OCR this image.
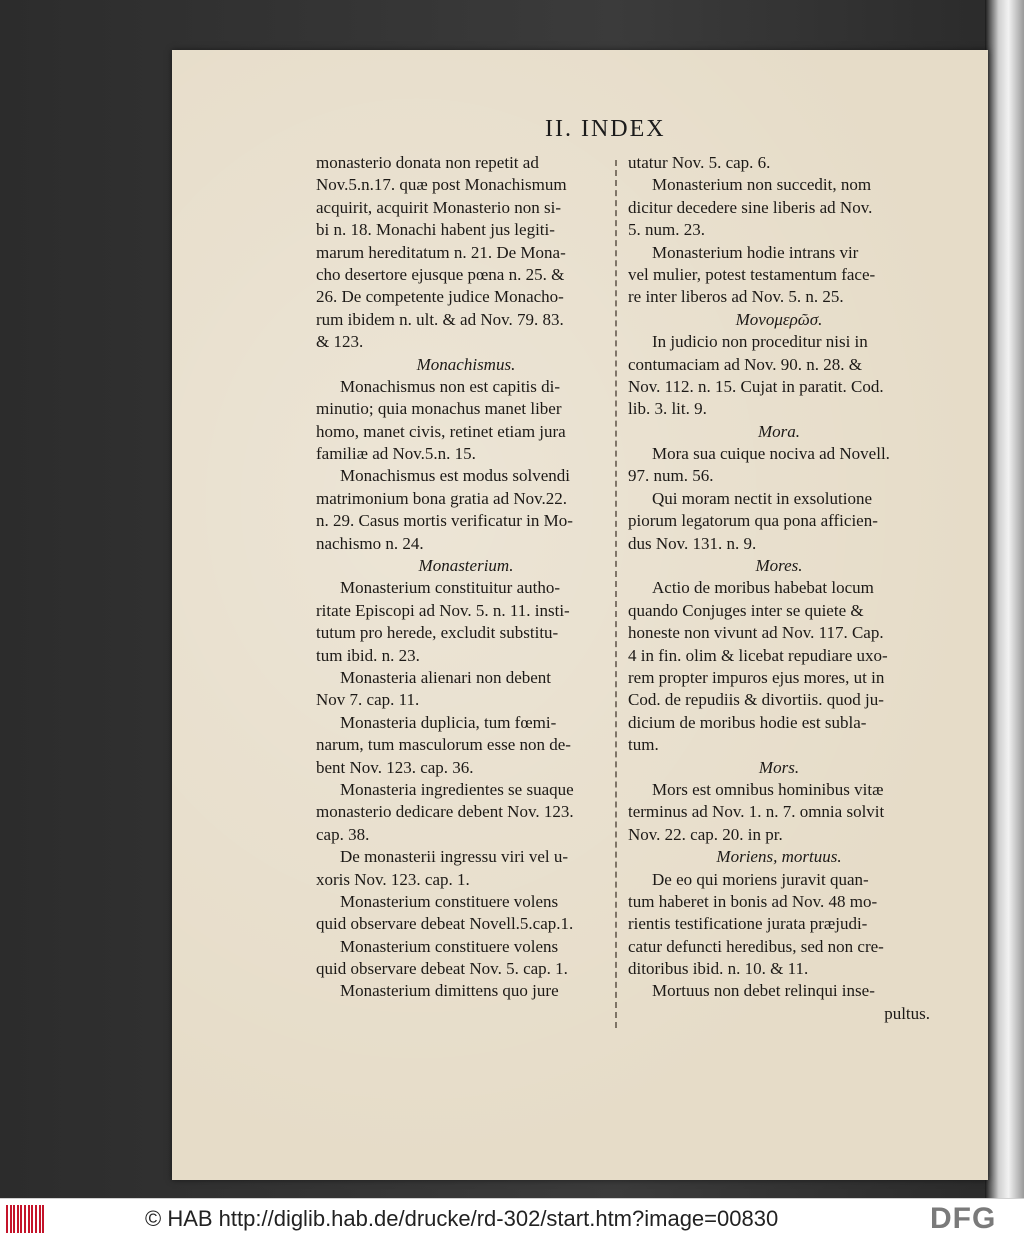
II. INDEX
monasterio donata non repetit ad
Nov.5.n.17. quæ post Monachismum
acquirit, acquirit Monasterio non si-
bi n. 18. Monachi habent jus legiti-
marum hereditatum n. 21. De Mona-
cho desertore ejusque pœna n. 25. &
26. De competente judice Monacho-
rum ibidem n. ult. & ad Nov. 79. 83.
& 123.
Monachismus.
Monachismus non est capitis di-
minutio; quia monachus manet liber
homo, manet civis, retinet etiam jura
familiæ ad Nov.5.n. 15.
Monachismus est modus solvendi
matrimonium bona gratia ad Nov.22.
n. 29. Casus mortis verificatur in Mo-
nachismo n. 24.
Monasterium.
Monasterium constituitur autho-
ritate Episcopi ad Nov. 5. n. 11. insti-
tutum pro herede, excludit substitu-
tum ibid. n. 23.
Monasteria alienari non debent
Nov 7. cap. 11.
Monasteria duplicia, tum fœmi-
narum, tum masculorum esse non de-
bent Nov. 123. cap. 36.
Monasteria ingredientes se suaque
monasterio dedicare debent Nov. 123.
cap. 38.
De monasterii ingressu viri vel u-
xoris Nov. 123. cap. 1.
Monasterium constituere volens
quid observare debeat Novell.5.cap.1.
Monasterium constituere volens
quid observare debeat Nov. 5. cap. 1.
Monasterium dimittens quo jure
utatur Nov. 5. cap. 6.
Monasterium non succedit, nom
dicitur decedere sine liberis ad Nov.
5. num. 23.
Monasterium hodie intrans vir
vel mulier, potest testamentum face-
re inter liberos ad Nov. 5. n. 25.
Μονομερῶσ.
In judicio non proceditur nisi in
contumaciam ad Nov. 90. n. 28. &
Nov. 112. n. 15. Cujat in paratit. Cod.
lib. 3. lit. 9.
Mora.
Mora sua cuique nociva ad Novell.
97. num. 56.
Qui moram nectit in exsolutione
piorum legatorum qua pona afficien-
dus Nov. 131. n. 9.
Mores.
Actio de moribus habebat locum
quando Conjuges inter se quiete &
honeste non vivunt ad Nov. 117. Cap.
4 in fin. olim & licebat repudiare uxo-
rem propter impuros ejus mores, ut in
Cod. de repudiis & divortiis. quod ju-
dicium de moribus hodie est subla-
tum.
Mors.
Mors est omnibus hominibus vitæ
terminus ad Nov. 1. n. 7. omnia solvit
Nov. 22. cap. 20. in pr.
Moriens, mortuus.
De eo qui moriens juravit quan-
tum haberet in bonis ad Nov. 48 mo-
rientis testificatione jurata præjudi-
catur defuncti heredibus, sed non cre-
ditoribus ibid. n. 10. & 11.
Mortuus non debet relinqui inse-
pultus.
© HAB http://diglib.hab.de/drucke/rd-302/start.htm?image=00830	DFG
